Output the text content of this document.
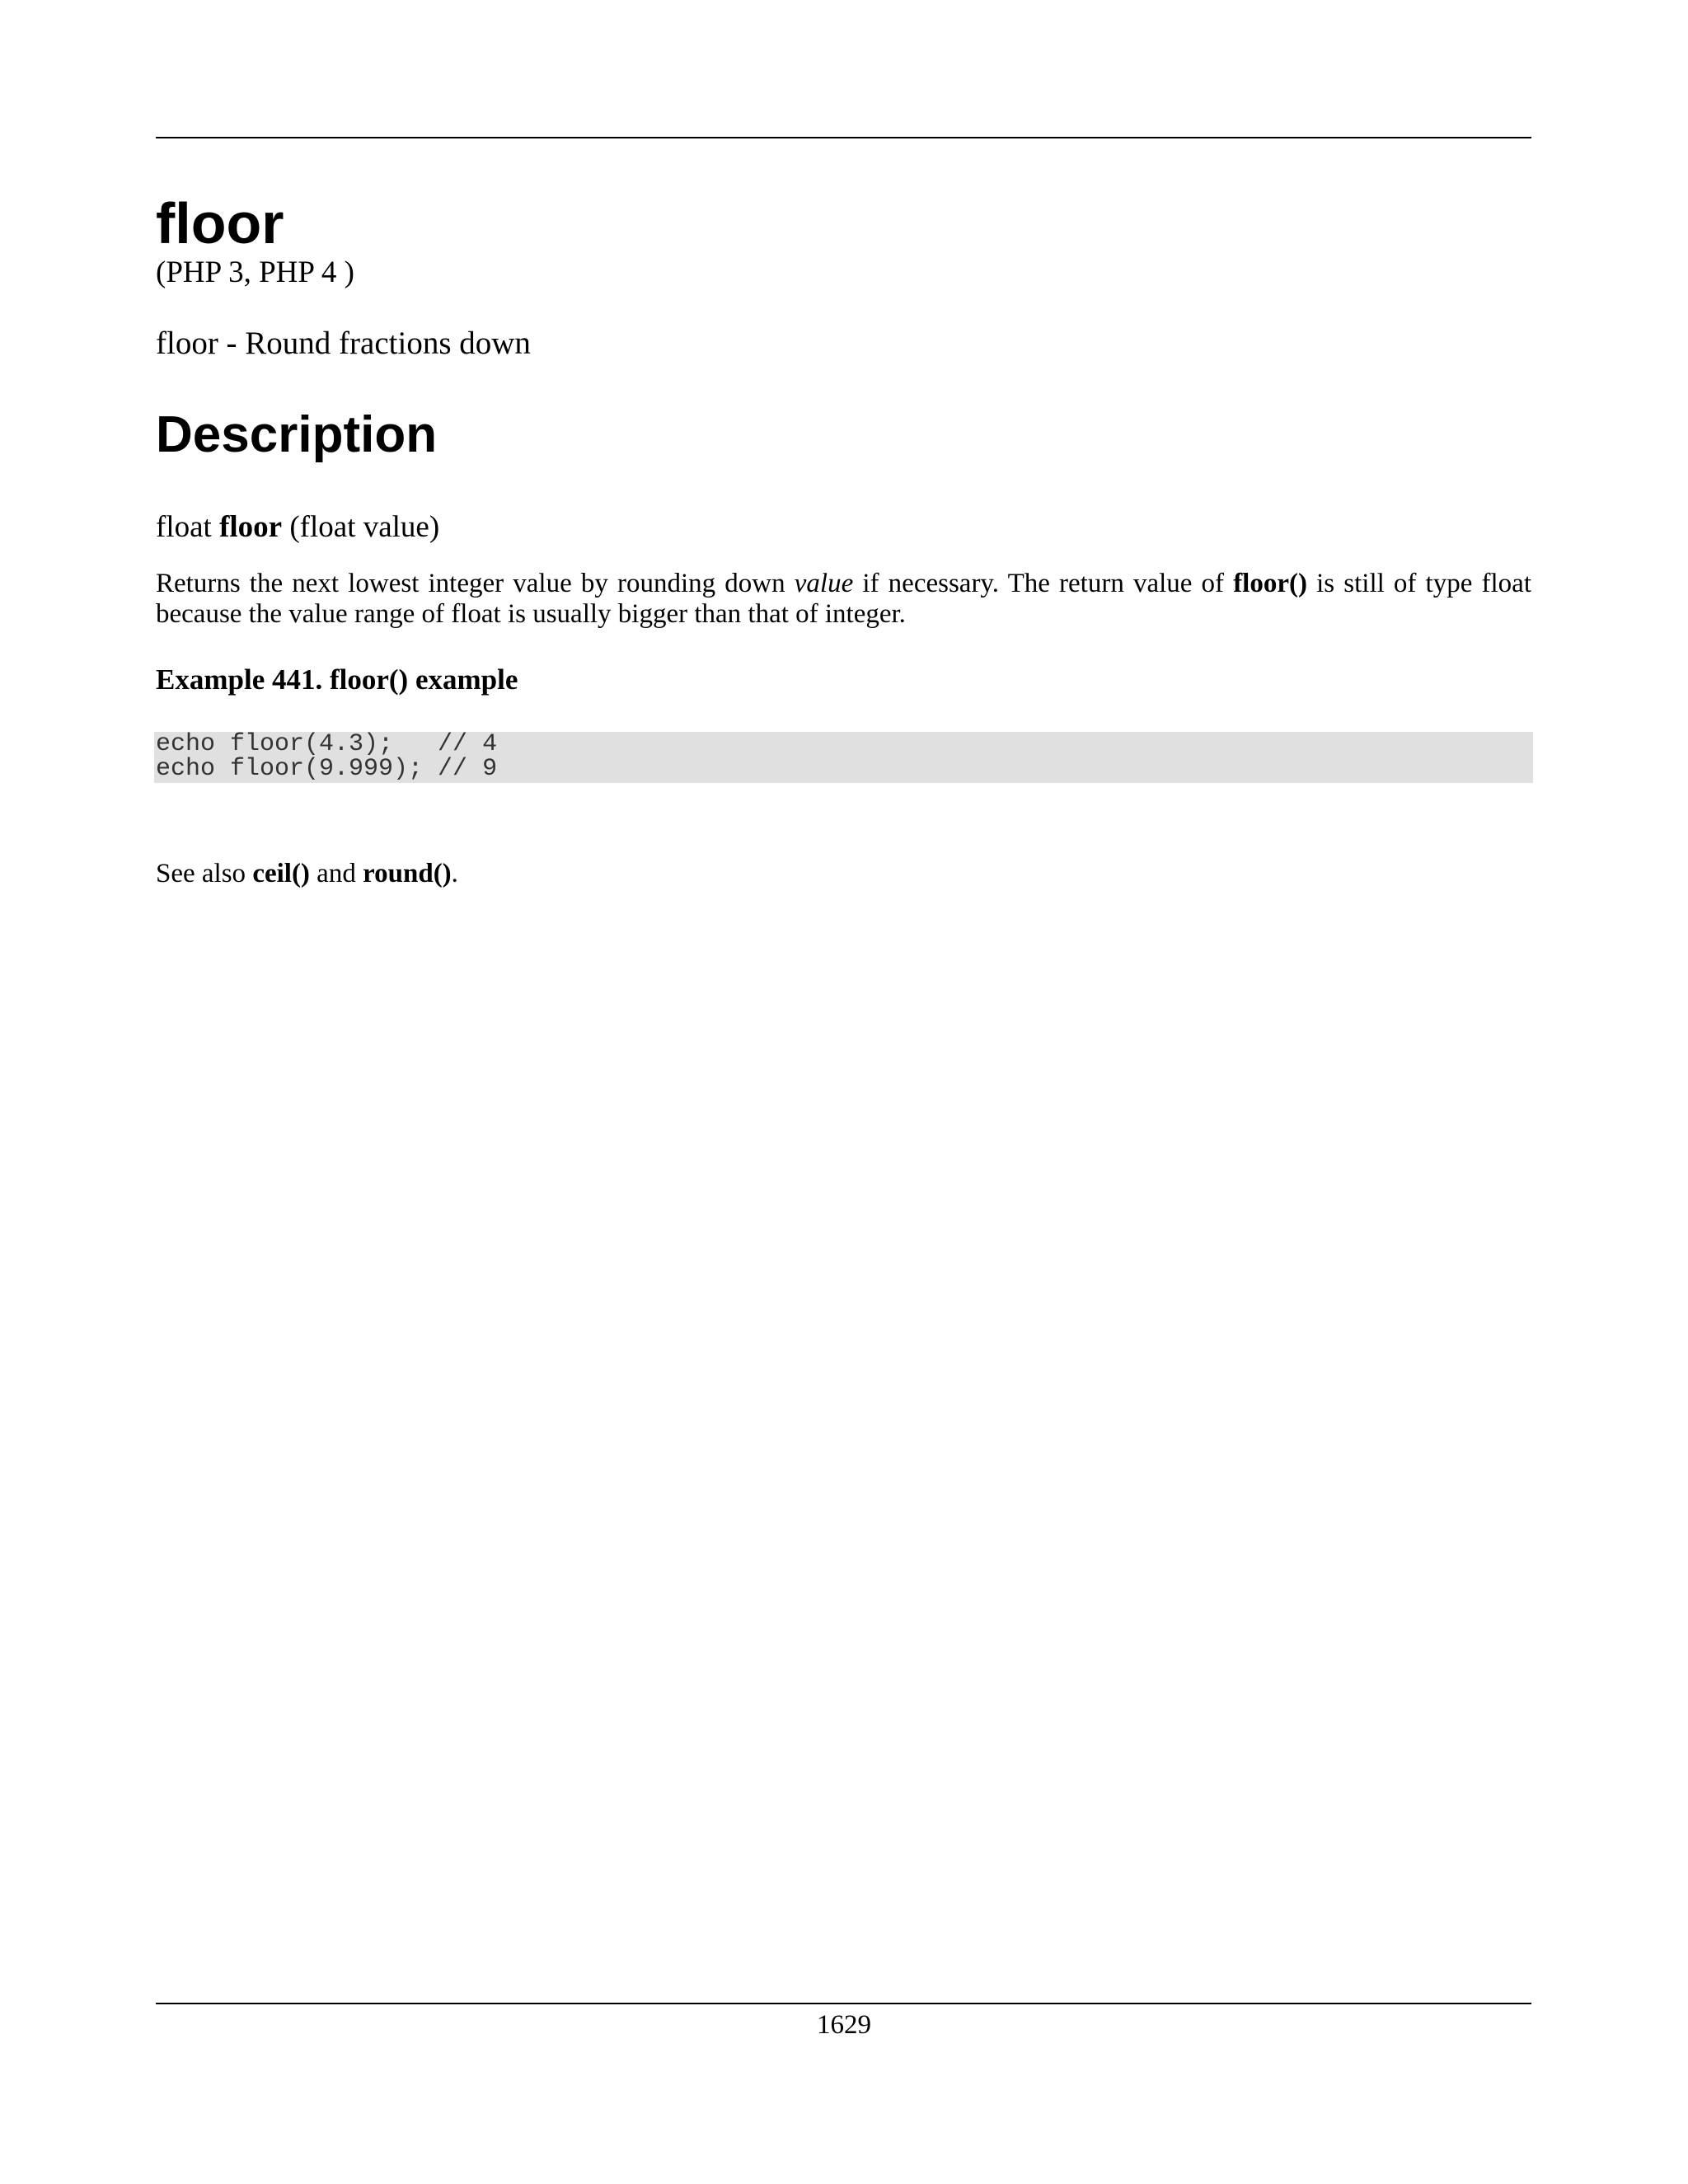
floor
(PHP 3, PHP 4 )
floor - Round fractions down
Description
float floor (float value)

Returns the next lowest integer value by rounding down value if necessary. The return value of floor() is still of type float because the value range of float is usually bigger than that of integer.

Example 441. floor() example

echo floor(4.3);   // 4
echo floor(9.999); // 9
See also ceil() and round().
1629
